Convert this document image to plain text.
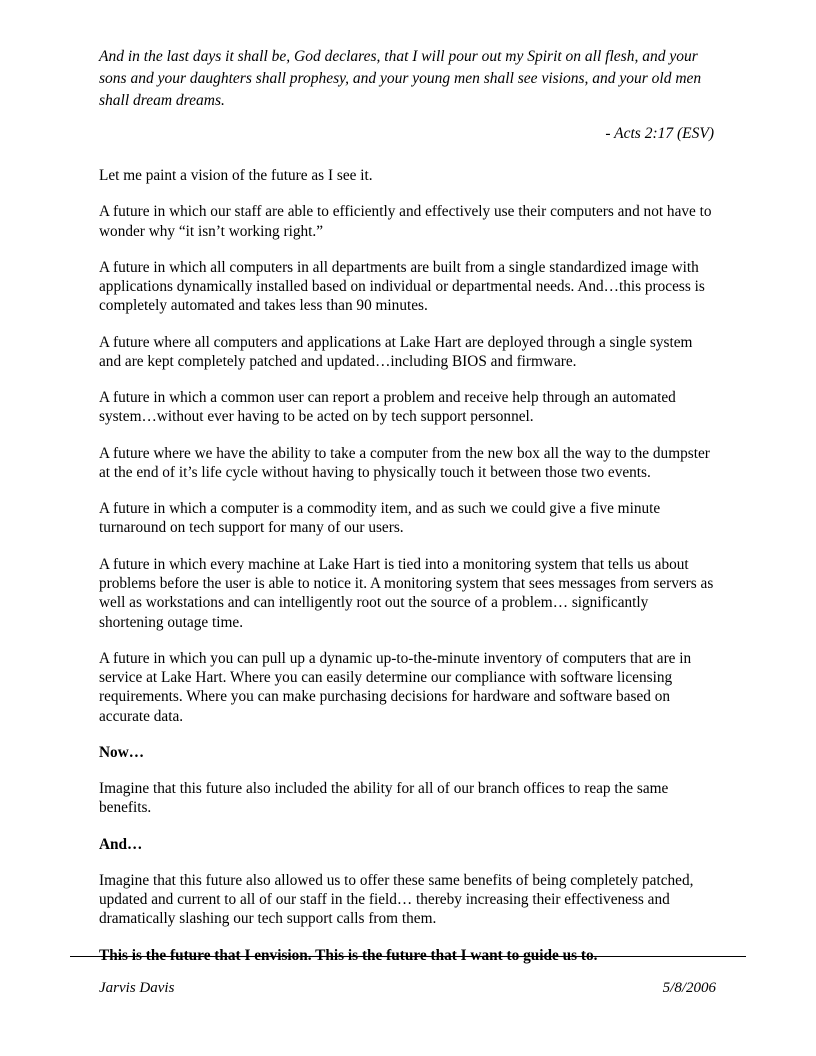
And in the last days it shall be, God declares, that I will pour out my Spirit on all flesh, and your sons and your daughters shall prophesy, and your young men shall see visions, and your old men shall dream dreams.

- Acts 2:17 (ESV)

Let me paint a vision of the future as I see it.

A future in which our staff are able to efficiently and effectively use their computers and not have to wonder why “it isn’t working right.”

A future in which all computers in all departments are built from a single standardized image with applications dynamically installed based on individual or departmental needs. And…this process is completely automated and takes less than 90 minutes.

A future where all computers and applications at Lake Hart are deployed through a single system and are kept completely patched and updated…including BIOS and firmware.

A future in which a common user can report a problem and receive help through an automated system…without ever having to be acted on by tech support personnel.

A future where we have the ability to take a computer from the new box all the way to the dumpster at the end of it’s life cycle without having to physically touch it between those two events.

A future in which a computer is a commodity item, and as such we could give a five minute turnaround on tech support for many of our users.

A future in which every machine at Lake Hart is tied into a monitoring system that tells us about problems before the user is able to notice it. A monitoring system that sees messages from servers as well as workstations and can intelligently root out the source of a problem… significantly shortening outage time.

A future in which you can pull up a dynamic up-to-the-minute inventory of computers that are in service at Lake Hart. Where you can easily determine our compliance with software licensing requirements. Where you can make purchasing decisions for hardware and software based on accurate data.

Now…

Imagine that this future also included the ability for all of our branch offices to reap the same benefits.

And…

Imagine that this future also allowed us to offer these same benefits of being completely patched, updated and current to all of our staff in the field… thereby increasing their effectiveness and dramatically slashing our tech support calls from them.

This is the future that I envision. This is the future that I want to guide us to.

Jarvis Davis	5/8/2006
